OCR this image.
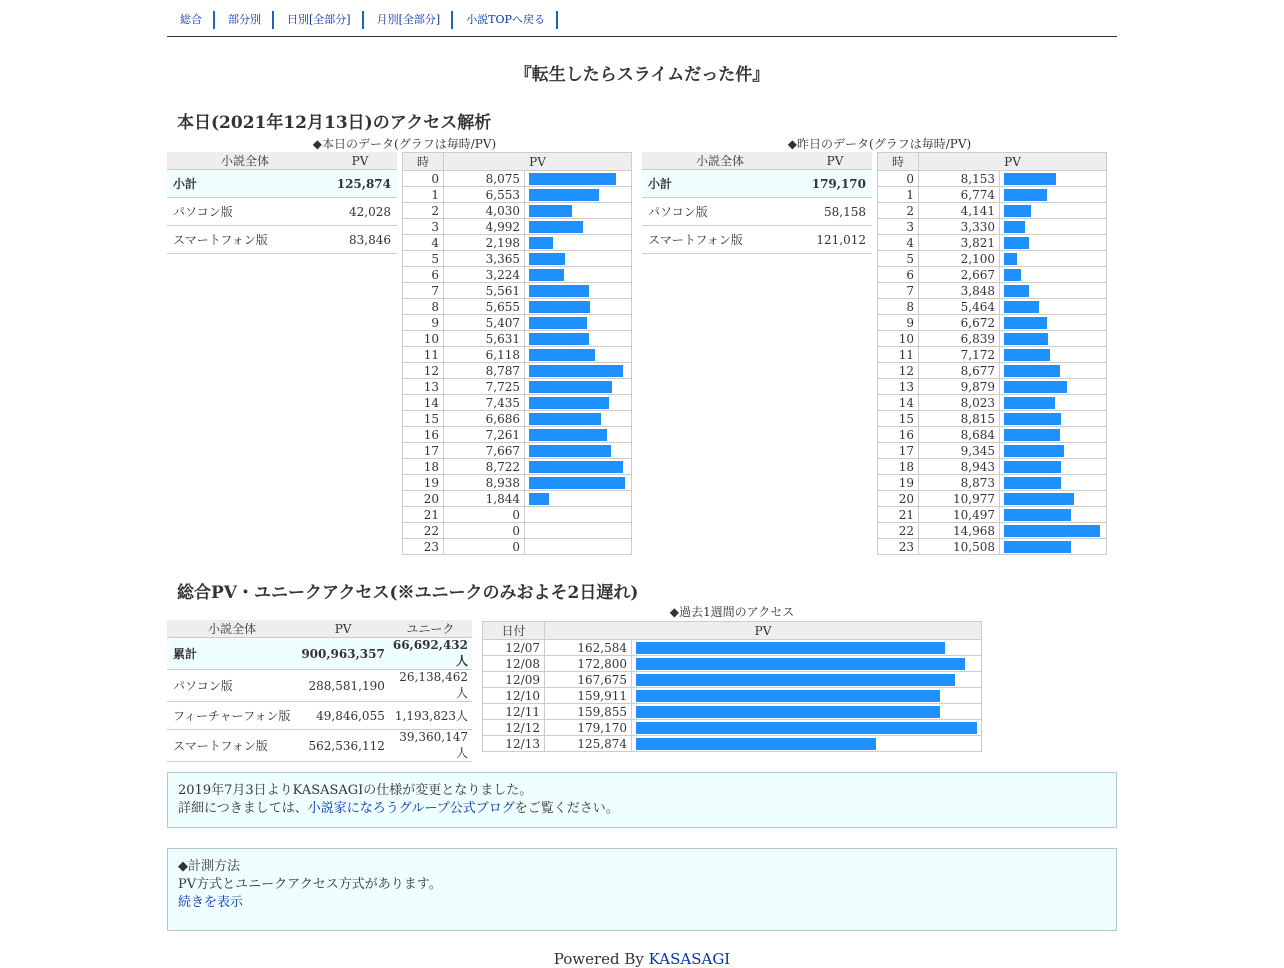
総合	部分別	日別[全部分]	月別[全部分]	小説TOPへ戻る
『転生したらスライムだった件』
本日(2021年12月13日)のアクセス解析
◆本日のデータ(グラフは毎時/PV)	◆昨日のデータ(グラフは毎時/PV)
小説全体	PV
小計	125,874
パソコン版	42,028
スマートフォン版	83,846
時	PV	
0	8,075	

1	6,553	

2	4,030	

3	4,992	

4	2,198	

5	3,365	

6	3,224	

7	5,561	

8	5,655	

9	5,407	

10	5,631	

11	6,118	

12	8,787	

13	7,725	

14	7,435	

15	6,686	

16	7,261	

17	7,667	

18	8,722	

19	8,938	

20	1,844	

21	0	
22	0	
23	0	
小説全体	PV
小計	179,170
パソコン版	58,158
スマートフォン版	121,012
時	PV	
0	8,153	

1	6,774	

2	4,141	

3	3,330	

4	3,821	

5	2,100	

6	2,667	

7	3,848	

8	5,464	

9	6,672	

10	6,839	

11	7,172	

12	8,677	

13	9,879	

14	8,023	

15	8,815	

16	8,684	

17	9,345	

18	8,943	

19	8,873	

20	10,977	

21	10,497	

22	14,968	

23	10,508	
総合PV・ユニークアクセス(※ユニークのみおよそ2日遅れ)
◆過去1週間のアクセス
小説全体	PV	ユニーク
累計	900,963,357	66,692,432人
パソコン版	288,581,190	26,138,462人
フィーチャーフォン版	49,846,055	1,193,823人
スマートフォン版	562,536,112	39,360,147人
日付	PV	
12/07	162,584	

12/08	172,800	

12/09	167,675	

12/10	159,911	

12/11	159,855	

12/12	179,170	

12/13	125,874	

2019年7月3日よりKASASAGIの仕様が変更となりました。

詳細につきましては、小説家になろうグループ公式ブログをご覧ください。

◆計測方法

PV方式とユニークアクセス方式があります。

続きを表示

Powered By KASASAGI
